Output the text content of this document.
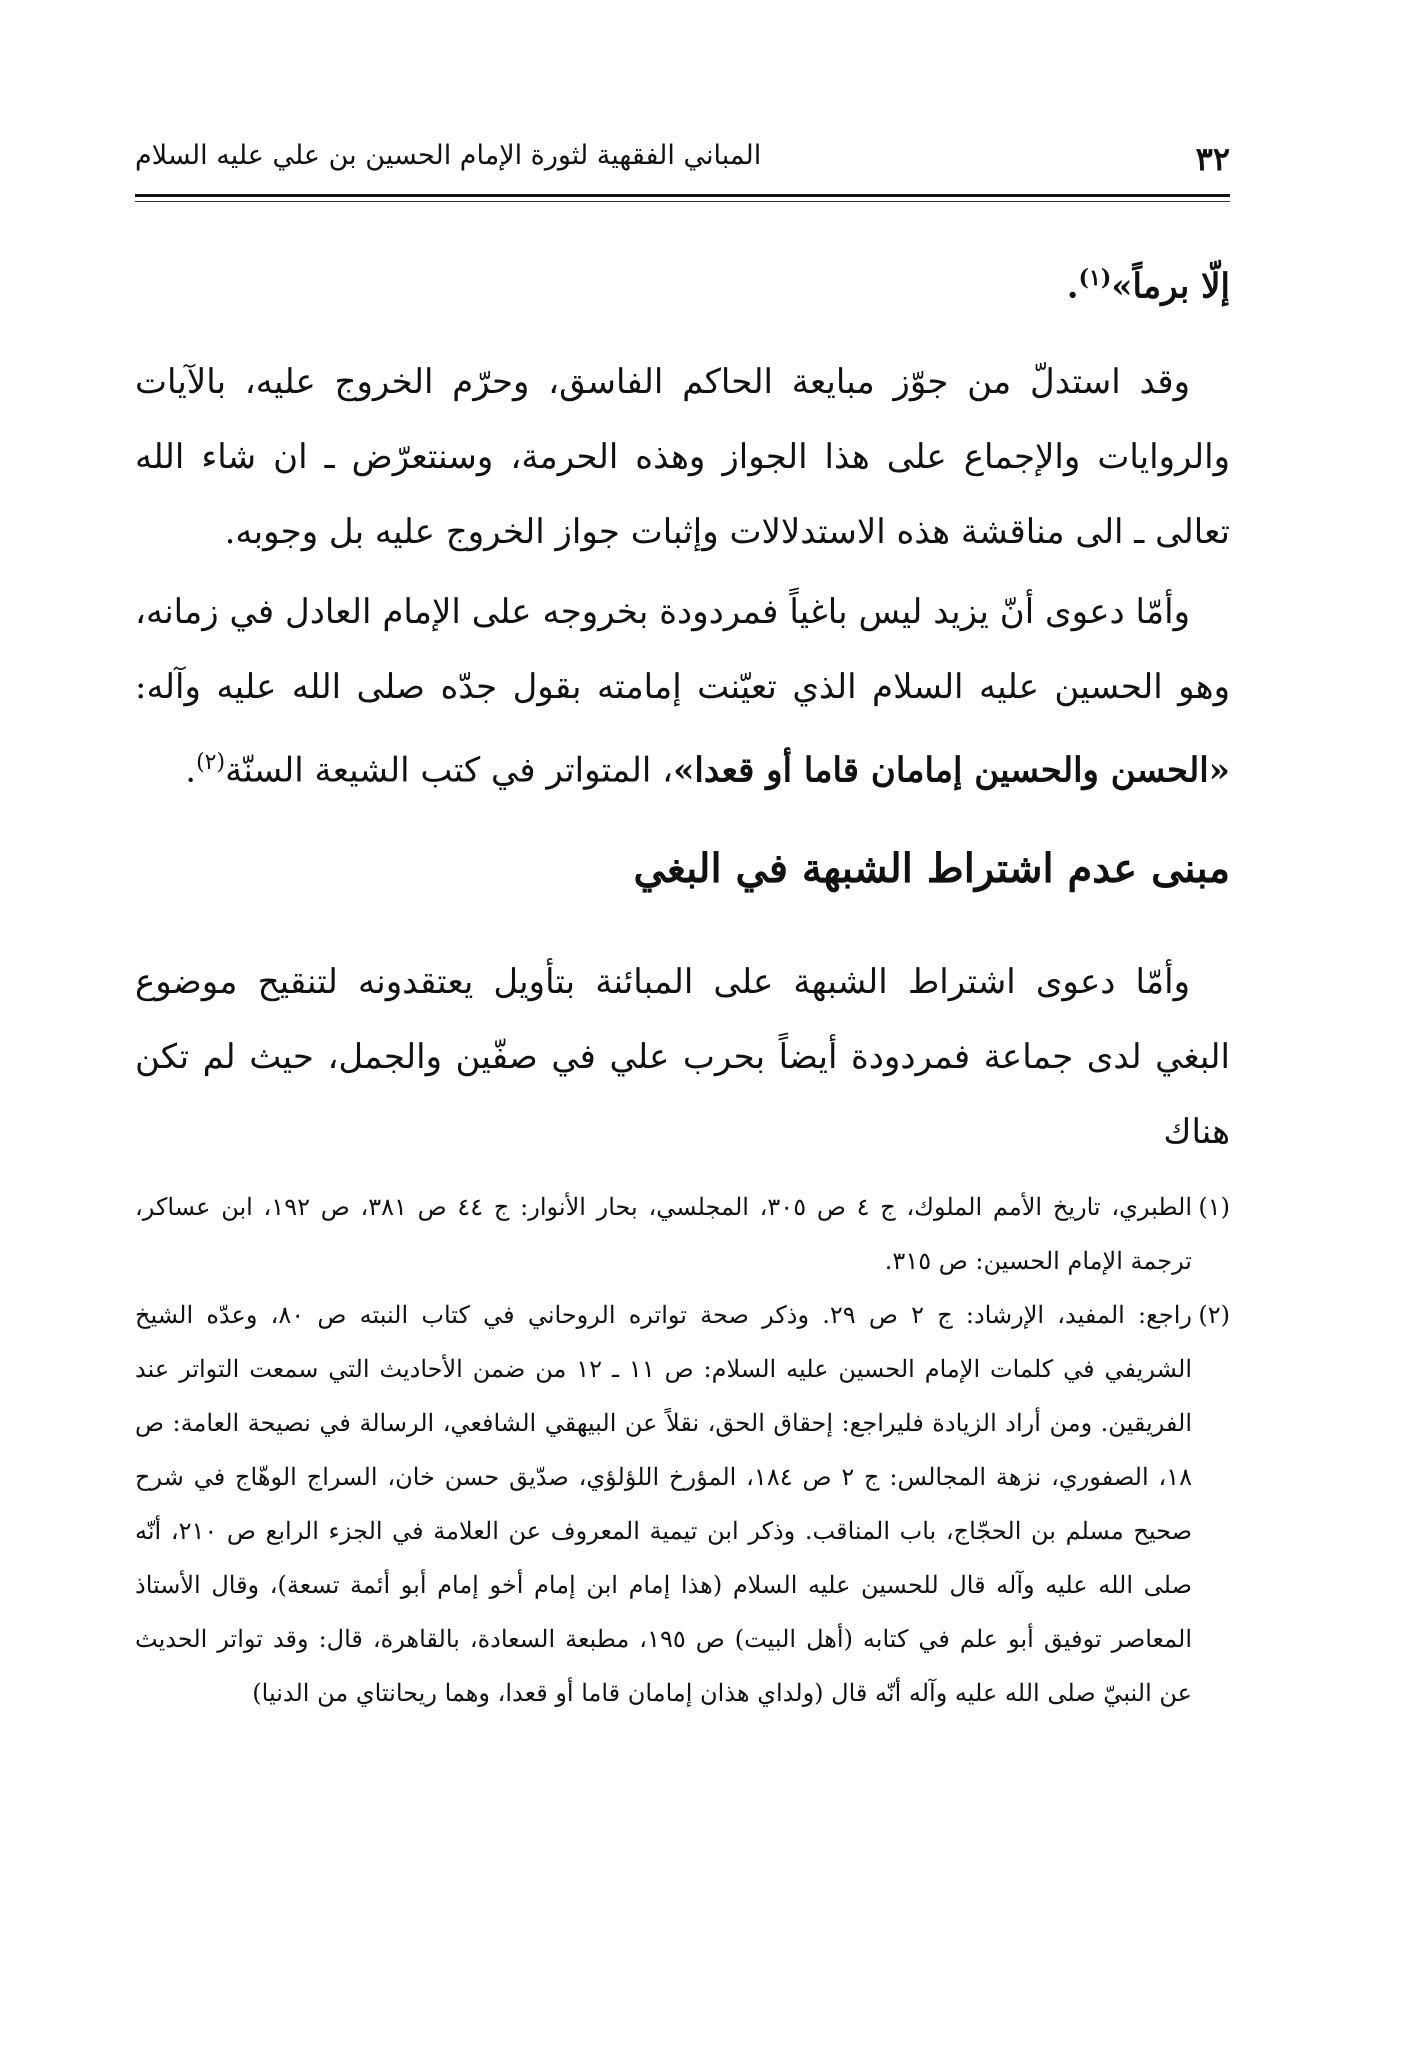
٣٢
المباني الفقهية لثورة الإمام الحسين بن علي عليه السلام
إلّا برماً»$^{(١)}$.

وقد استدلّ من جوّز مبايعة الحاكم الفاسق، وحرّم الخروج عليه، بالآيات والروايات والإجماع على هذا الجواز وهذه الحرمة، وسنتعرّض ـ ان شاء الله تعالى ـ الى مناقشة هذه الاستدلالات وإثبات جواز الخروج عليه بل وجوبه.

وأمّا دعوى أنّ يزيد ليس باغياً فمردودة بخروجه على الإمام العادل في زمانه، وهو الحسين عليه السلام الذي تعيّنت إمامته بقول جدّه صلى الله عليه وآله: «الحسن والحسين إمامان قاما أو قعدا»، المتواتر في كتب الشيعة السنّة$^{(٢)}$.

مبنى عدم اشتراط الشبهة في البغي

وأمّا دعوى اشتراط الشبهة على المبائنة بتأويل يعتقدونه لتنقيح موضوع البغي لدى جماعة فمردودة أيضاً بحرب علي في صفّين والجمل، حيث لم تكن هناك

(١)الطبري، تاريخ الأمم الملوك، ج ٤ ص ٣٠٥، المجلسي، بحار الأنوار: ج ٤٤ ص ٣٨١، ص ١٩٢، ابن عساكر، ترجمة الإمام الحسين: ص ٣١٥.

(٢)راجع: المفيد، الإرشاد: ج ٢ ص ٢٩. وذكر صحة تواتره الروحاني في كتاب النبته ص ٨٠، وعدّه الشيخ الشريفي في كلمات الإمام الحسين عليه السلام: ص ١١ ـ ١٢ من ضمن الأحاديث التي سمعت التواتر عند الفريقين. ومن أراد الزيادة فليراجع: إحقاق الحق، نقلاً عن البيهقي الشافعي، الرسالة في نصيحة العامة: ص ١٨، الصفوري، نزهة المجالس: ج ٢ ص ١٨٤، المؤرخ اللؤلؤي، صدّيق حسن خان، السراج الوهّاج في شرح صحيح مسلم بن الحجّاج، باب المناقب. وذكر ابن تيمية المعروف عن العلامة في الجزء الرابع ص ٢١٠، أنّه صلى الله عليه وآله قال للحسين عليه السلام (هذا إمام ابن إمام أخو إمام أبو أئمة تسعة)، وقال الأستاذ المعاصر توفيق أبو علم في كتابه (أهل البيت) ص ١٩٥، مطبعة السعادة، بالقاهرة، قال: وقد تواتر الحديث عن النبيّ صلى الله عليه وآله أنّه قال (ولداي هذان إمامان قاما أو قعدا، وهما ريحانتاي من الدنيا)
